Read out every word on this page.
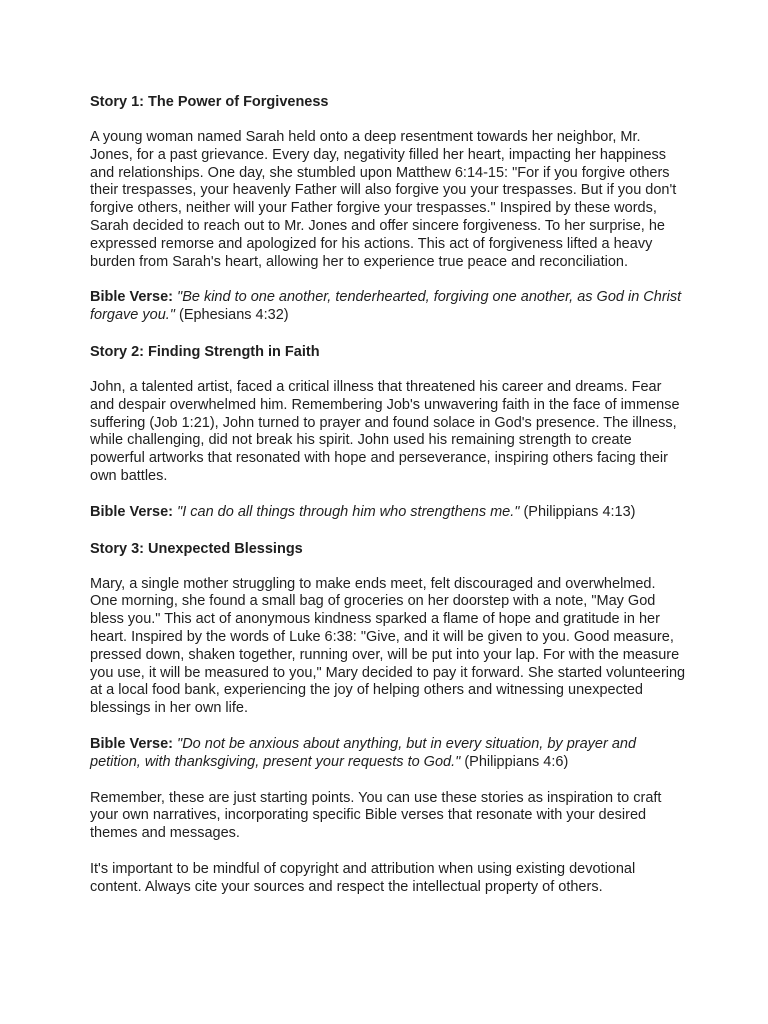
Story 1: The Power of Forgiveness

A young woman named Sarah held onto a deep resentment towards her neighbor, Mr. Jones, for a past grievance. Every day, negativity filled her heart, impacting her happiness and relationships. One day, she stumbled upon Matthew 6:14-15: "For if you forgive others their trespasses, your heavenly Father will also forgive you your trespasses. But if you don't forgive others, neither will your Father forgive your trespasses." Inspired by these words, Sarah decided to reach out to Mr. Jones and offer sincere forgiveness. To her surprise, he expressed remorse and apologized for his actions. This act of forgiveness lifted a heavy burden from Sarah's heart, allowing her to experience true peace and reconciliation.

Bible Verse: "Be kind to one another, tenderhearted, forgiving one another, as God in Christ forgave you." (Ephesians 4:32)

Story 2: Finding Strength in Faith

John, a talented artist, faced a critical illness that threatened his career and dreams. Fear and despair overwhelmed him. Remembering Job's unwavering faith in the face of immense suffering (Job 1:21), John turned to prayer and found solace in God's presence. The illness, while challenging, did not break his spirit. John used his remaining strength to create powerful artworks that resonated with hope and perseverance, inspiring others facing their own battles.

Bible Verse: "I can do all things through him who strengthens me." (Philippians 4:13)

Story 3: Unexpected Blessings

Mary, a single mother struggling to make ends meet, felt discouraged and overwhelmed. One morning, she found a small bag of groceries on her doorstep with a note, "May God bless you." This act of anonymous kindness sparked a flame of hope and gratitude in her heart. Inspired by the words of Luke 6:38: "Give, and it will be given to you. Good measure, pressed down, shaken together, running over, will be put into your lap. For with the measure you use, it will be measured to you," Mary decided to pay it forward. She started volunteering at a local food bank, experiencing the joy of helping others and witnessing unexpected blessings in her own life.

Bible Verse: "Do not be anxious about anything, but in every situation, by prayer and petition, with thanksgiving, present your requests to God." (Philippians 4:6)

Remember, these are just starting points. You can use these stories as inspiration to craft your own narratives, incorporating specific Bible verses that resonate with your desired themes and messages.

It's important to be mindful of copyright and attribution when using existing devotional content. Always cite your sources and respect the intellectual property of others.
